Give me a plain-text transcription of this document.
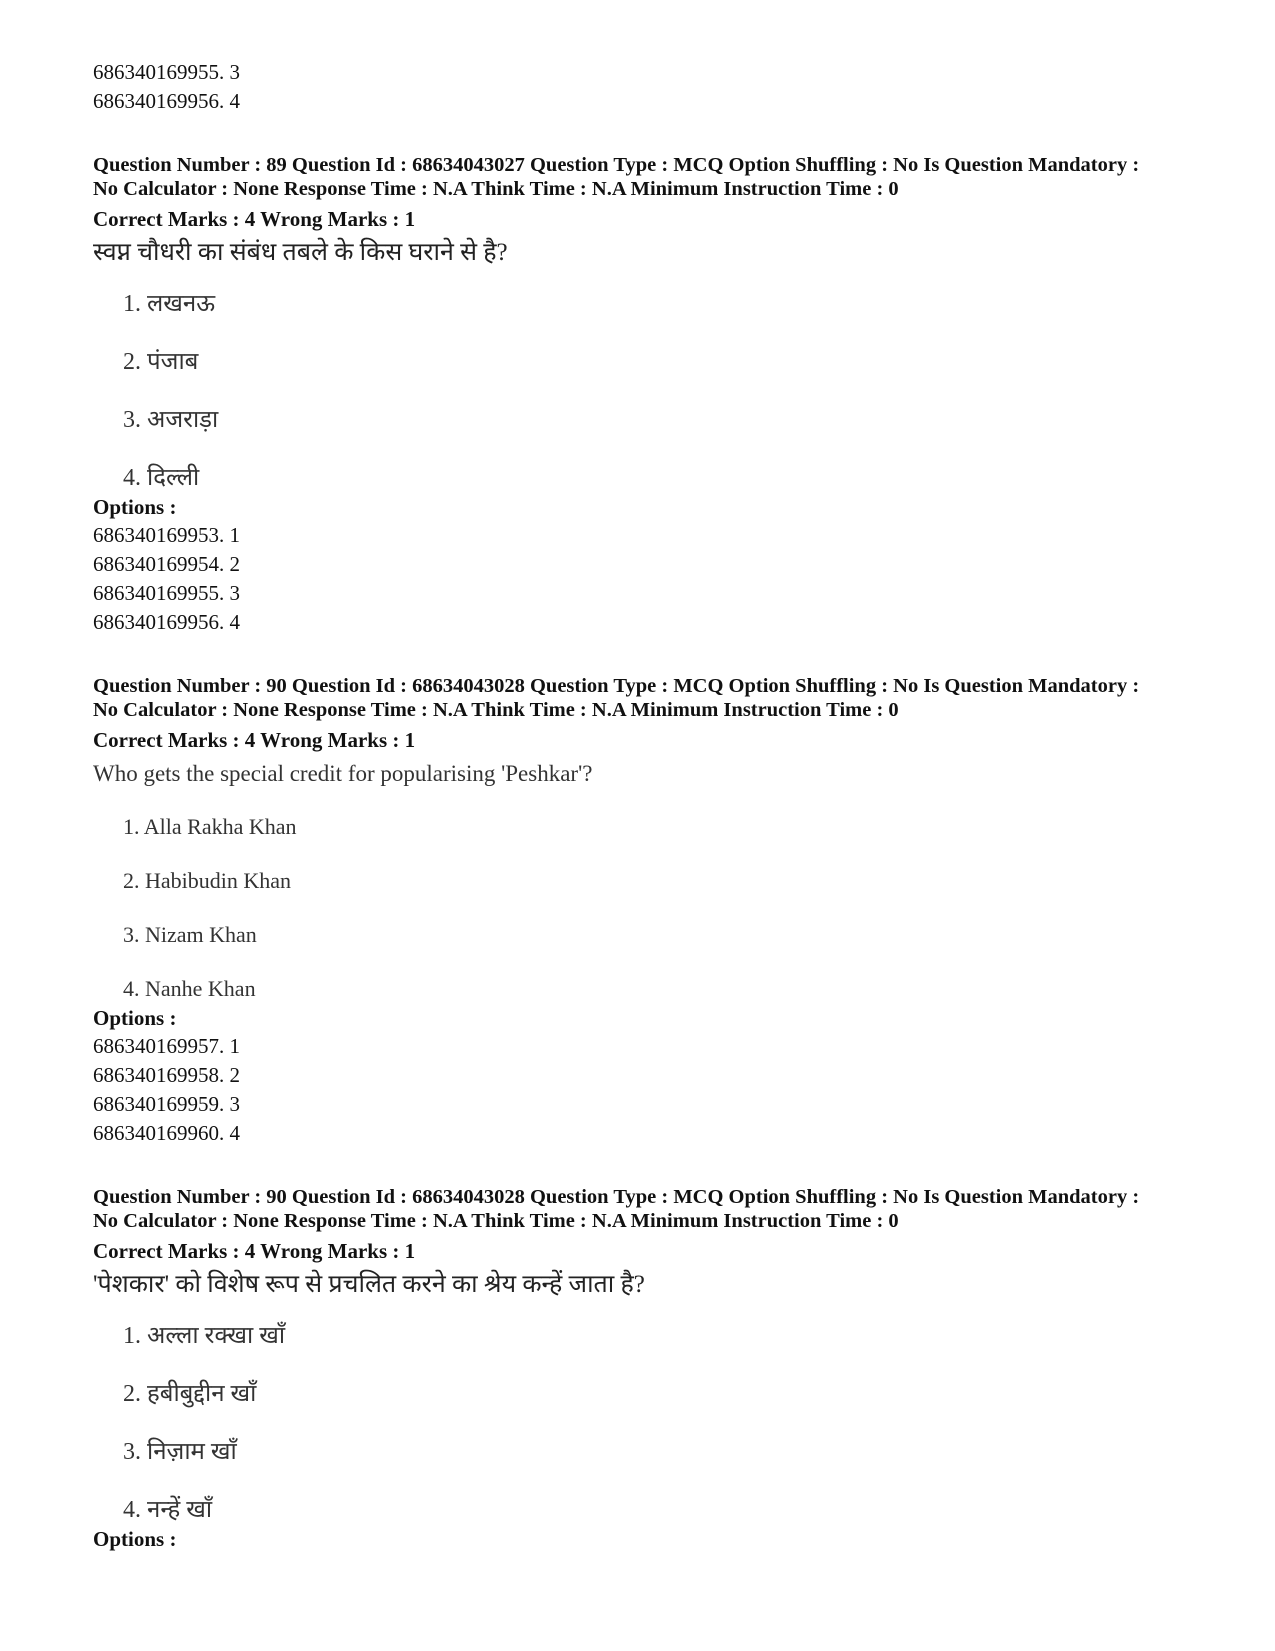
686340169955. 3

686340169956. 4

Question Number : 89 Question Id : 68634043027 Question Type : MCQ Option Shuffling : No Is Question Mandatory :

No Calculator : None Response Time : N.A Think Time : N.A Minimum Instruction Time : 0

Correct Marks : 4 Wrong Marks : 1

स्वप्न चौधरी का संबंध तबले के किस घराने से है?

1. लखनऊ

2. पंजाब

3. अजराड़ा

4. दिल्ली

Options :

686340169953. 1

686340169954. 2

686340169955. 3

686340169956. 4

Question Number : 90 Question Id : 68634043028 Question Type : MCQ Option Shuffling : No Is Question Mandatory :

No Calculator : None Response Time : N.A Think Time : N.A Minimum Instruction Time : 0

Correct Marks : 4 Wrong Marks : 1

Who gets the special credit for popularising 'Peshkar'?

1. Alla Rakha Khan

2. Habibudin Khan

3. Nizam Khan

4. Nanhe Khan

Options :

686340169957. 1

686340169958. 2

686340169959. 3

686340169960. 4

Question Number : 90 Question Id : 68634043028 Question Type : MCQ Option Shuffling : No Is Question Mandatory :

No Calculator : None Response Time : N.A Think Time : N.A Minimum Instruction Time : 0

Correct Marks : 4 Wrong Marks : 1

'पेशकार' को विशेष रूप से प्रचलित करने का श्रेय कन्हें जाता है?

1. अल्ला रक्खा खाँ

2. हबीबुद्दीन खाँ

3. निज़ाम खाँ

4. नन्हें खाँ

Options :
